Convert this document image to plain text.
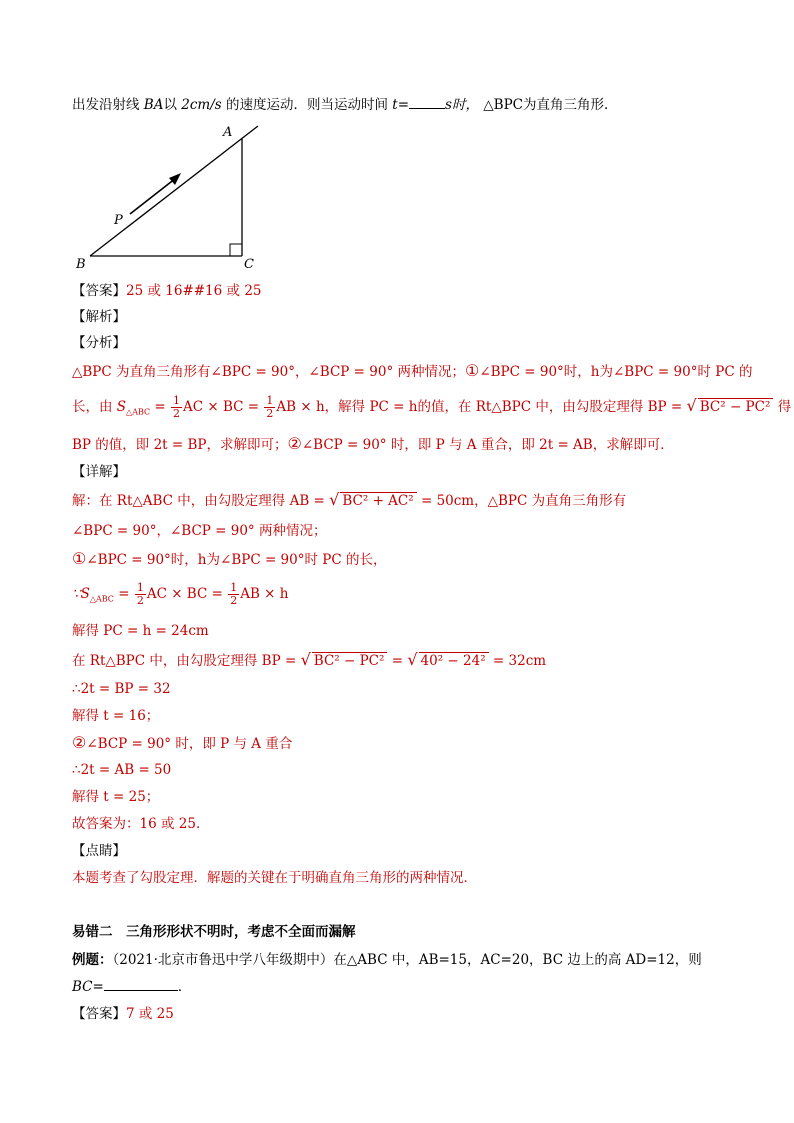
出发沿射线 BA以 2cm/s 的速度运动．则当运动时间 t=	s时， △BPC为直角三角形．
A
B	C
P
【答案】25 或 16##16 或 25
【解析】
【分析】
△BPC 为直角三角形有∠BPC = 90°，∠BCP = 90° 两种情况；①∠BPC = 90°时，h为∠BPC = 90°时 PC 的
长，由 $S_{\triangle ABC} = \frac{1}{2}$ AC × BC = $\frac{1}{2}$ AB × h，解得 PC = h的值，在 Rt△BPC 中，由勾股定理得 BP = √ BC² − PC² 得
BP 的值，即 2t = BP，求解即可；②∠BCP = 90° 时，即 P 与 A 重合，即 2t = AB，求解即可．
【详解】
解：在 Rt△ABC 中，由勾股定理得 AB = √ BC² + AC² = 50cm，△BPC 为直角三角形有
∠BPC = 90°，∠BCP = 90° 两种情况；
①∠BPC = 90°时，h为∠BPC = 90°时 PC 的长，
$\because S_{\triangle ABC} = \frac{1}{2}$ AC × BC = $\frac{1}{2}$ AB × h
解得 PC = h = 24cm
在 Rt△BPC 中，由勾股定理得 BP = √ BC² − PC² = √ 40² − 24² = 32cm
∴2t = BP = 32
解得 t = 16；
②∠BCP = 90° 时，即 P 与 A 重合
∴2t = AB = 50
解得 t = 25；
故答案为：16 或 25．
【点睛】
本题考查了勾股定理．解题的关键在于明确直角三角形的两种情况．
易错二　三角形形状不明时，考虑不全面而漏解
例题：（2021·北京市鲁迅中学八年级期中）在△ABC 中，AB=15，AC=20，BC 边上的高 AD=12，则
BC=	．
【答案】7 或 25
